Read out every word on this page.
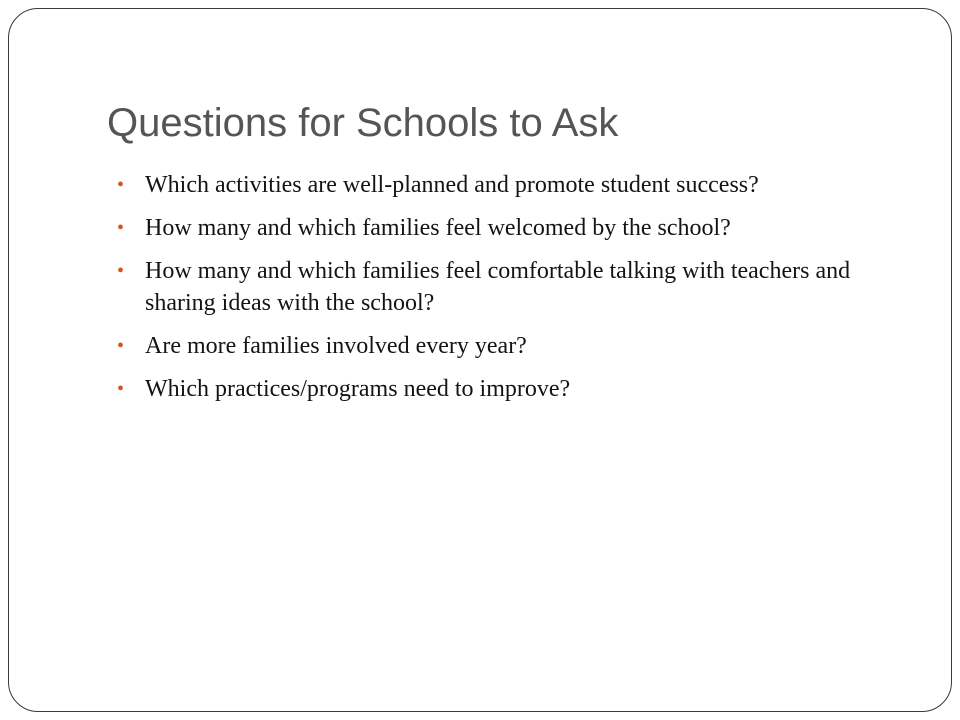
Questions for Schools to Ask
• Which activities are well-planned and promote student success?
• How many and which families feel welcomed by the school?
• How many and which families feel comfortable talking with teachers and sharing ideas with the school?
• Are more families involved every year?
• Which practices/programs need to improve?
